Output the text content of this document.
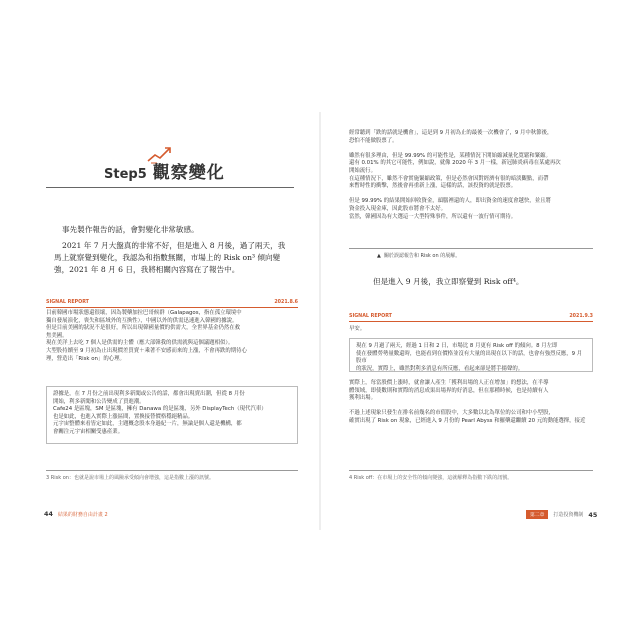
Step5 觀察變化
事先製作報告的話，會對變化非常敏感。
2021 年 7 月大盤真的非常不好，但是進入 8 月後，過了兩天，我馬上就察覺到變化，我認為和指數無關，市場上的 Risk on³ 傾向變強，2021 年 8 月 6 日，我將相關內容寫在了報告中。
SIGNAL REPORT	2021.8.6
目前韓國市場狀態還很壞，因為製藥加拉巴哥候群（Galapagos，指在孤立環境中
獨自發展演化，喪失和區域外的互換性），中國以外的供需迅速進入韓國的據說。
但是目前美國的狀況不是很好，所以出現韓國量價的供需大，全世界基金仍然在救
焦美國。
現在美洋上去吃 7 個人是供需的主體（應大部韓我的供需就與這個議題相似）。
大型股持續至 9 月初為止出現價差買賣＋乘著不安感而來的上漲，不會再跌的期待心
理，營造出「Risk on」的心理。
證據是，在 7 月份之前出現利多新聞或公告的話，都會出現賣出潮，但從 8 月份
開始，利多新聞和公告變成了買進潮。
Cafe24 是區塊，SM 是區塊，擁有 Danawa 的是區塊，另外 DisplayTech（現代汽車）
也是如此，也進入實際上漲區間，置換接替價格穩絕精品。
元宇宙整體來看皆定如此，主題概念股本身過紀一片，無論是個人還是機構，都
會關注元宇宙相關受惠產業。
3 Risk on：也就是說市場上的風險承受傾向會增強，這是指數上漲的訊號。
44 結果的財務自由計畫 2
經常聽到「跌的話就是機會」，這是到 9 月初為止的最後一次機會了，9 月中秋節後，
恐怕不能做股票了。

雖然有很多理由，但是 99.99% 的可能性是，某種情況下開始縮減量化寬鬆和緊縮。
還有 0.01% 的其它可能性，例如說，就像 2020 年 3 月一樣，新冠肺炎病毒在某處再次
開始流行。
在這種情況下，雖然不會實施緊縮政策，但是必然會因對經濟有很的暗淡觀點，而帶
來暫時性的衝擊，然後會再重新上漲，這樣的話，該投資的就是股票。

但是 99.99% 的結果開始回收資金，頭腦裡還的人，即出資金的速度會越快，並且將
資金投入現金庫，因此股市將會不太好。
當然，韓國因為有大選這一大型特殊事件，所以還有一波行情可期待。
▲ 關於誤認報告和 Risk on 的展解。
但是進入 9 月後，我立即察覺到 Risk off⁴。
SIGNAL REPORT	2021.9.3
早安。
現在 9 月過了兩天，經過 1 日和 2 日，市場比 8 月更有 Risk off 的傾向。8 月左即
使在發體勞勢量數還時，也能看到在價格並沒有大量的出現在以下的話，也會有強烈反應，9 月股市
的狀況，實際上，雖然對利多消息有所反應，看起來卻是將手揚聲的。
實際上，每當股價上漲時，就會讓人產生「獲利出場的人正在增加」的想法，在半導
體領域，即使數則和實際的消息成果出場界的好消息，但在那種時候，也是持續有人
獲利出場。

不過上述現象只發生在排名前幾名的市值股中，大多數以北為單位的公司和中小型股，
確實出現了 Risk on 現象，已經進入 9 月份的 Pearl Abyss 和羅藥還繼續 20 元的動能選擇，接近
4 Risk off：在市場上的安全性的傾向變強，這就解釋為指數下跌的訊號。
第二章	打造投資機制 45
